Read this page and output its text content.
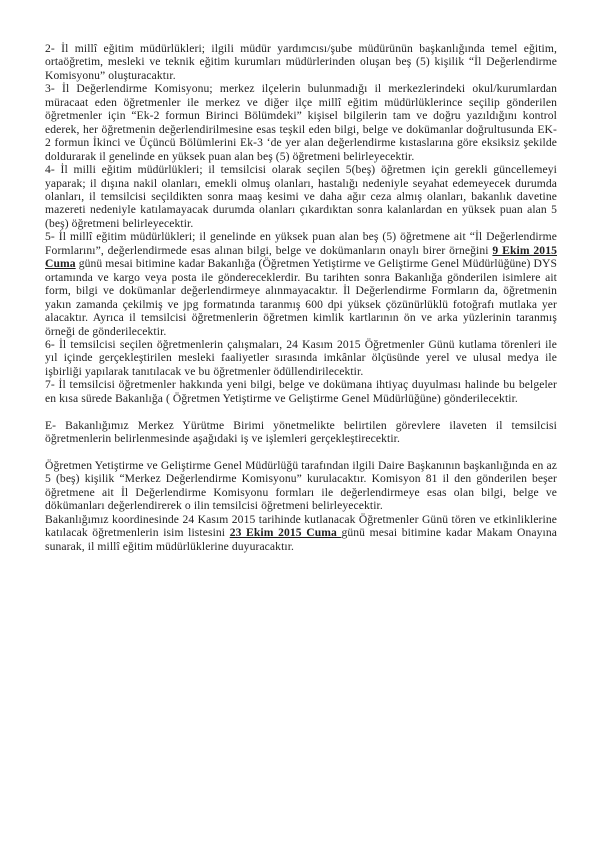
2- İl millî eğitim müdürlükleri; ilgili müdür yardımcısı/şube müdürünün başkanlığında temel eğitim, ortaöğretim, mesleki ve teknik eğitim kurumları müdürlerinden oluşan beş (5) kişilik “İl Değerlendirme Komisyonu” oluşturacaktır.

3- İl Değerlendirme Komisyonu; merkez ilçelerin bulunmadığı il merkezlerindeki okul/kurumlardan müracaat eden öğretmenler ile merkez ve diğer ilçe millî eğitim müdürlüklerince seçilip gönderilen öğretmenler için “Ek-2 formun Birinci Bölümdeki” kişisel bilgilerin tam ve doğru yazıldığını kontrol ederek, her öğretmenin değerlendirilmesine esas teşkil eden bilgi, belge ve dokümanlar doğrultusunda EK-2 formun İkinci ve Üçüncü Bölümlerini Ek-3 ‘de yer alan değerlendirme kıstaslarına göre eksiksiz şekilde doldurarak il genelinde en yüksek puan alan beş (5) öğretmeni belirleyecektir.

4- İl milli eğitim müdürlükleri; il temsilcisi olarak seçilen 5(beş) öğretmen için gerekli güncellemeyi yaparak; il dışına nakil olanları, emekli olmuş olanları, hastalığı nedeniyle seyahat edemeyecek durumda olanları, il temsilcisi seçildikten sonra maaş kesimi ve daha ağır ceza almış olanları, bakanlık davetine mazereti nedeniyle katılamayacak durumda olanları çıkardıktan sonra kalanlardan en yüksek puan alan 5 (beş) öğretmeni belirleyecektir.

5- İl millî eğitim müdürlükleri; il genelinde en yüksek puan alan beş (5) öğretmene ait “İl Değerlendirme Formlarını”, değerlendirmede esas alınan bilgi, belge ve dokümanların onaylı birer örneğini 9 Ekim 2015 Cuma günü mesai bitimine kadar Bakanlığa (Öğretmen Yetiştirme ve Geliştirme Genel Müdürlüğüne) DYS ortamında ve kargo veya posta ile göndereceklerdir. Bu tarihten sonra Bakanlığa gönderilen isimlere ait form, bilgi ve dokümanlar değerlendirmeye alınmayacaktır. İl Değerlendirme Formların da, öğretmenin yakın zamanda çekilmiş ve jpg formatında taranmış 600 dpi yüksek çözünürlüklü fotoğrafı mutlaka yer alacaktır. Ayrıca il temsilcisi öğretmenlerin öğretmen kimlik kartlarının ön ve arka yüzlerinin taranmış örneği de gönderilecektir.

6- İl temsilcisi seçilen öğretmenlerin çalışmaları, 24 Kasım 2015 Öğretmenler Günü kutlama törenleri ile yıl içinde gerçekleştirilen mesleki faaliyetler sırasında imkânlar ölçüsünde yerel ve ulusal medya ile işbirliği yapılarak tanıtılacak ve bu öğretmenler ödüllendirilecektir.

7- İl temsilcisi öğretmenler hakkında yeni bilgi, belge ve dokümana ihtiyaç duyulması halinde bu belgeler en kısa sürede Bakanlığa ( Öğretmen Yetiştirme ve Geliştirme Genel Müdürlüğüne) gönderilecektir.

E- Bakanlığımız Merkez Yürütme Birimi yönetmelikte belirtilen görevlere ilaveten il temsilcisi öğretmenlerin belirlenmesinde aşağıdaki iş ve işlemleri gerçekleştirecektir.

Öğretmen Yetiştirme ve Geliştirme Genel Müdürlüğü tarafından ilgili Daire Başkanının başkanlığında en az 5 (beş) kişilik “Merkez Değerlendirme Komisyonu” kurulacaktır. Komisyon 81 il den gönderilen beşer öğretmene ait İl Değerlendirme Komisyonu formları ile değerlendirmeye esas olan bilgi, belge ve dökümanları değerlendirerek o ilin temsilcisi öğretmeni belirleyecektir.

Bakanlığımız koordinesinde 24 Kasım 2015 tarihinde kutlanacak Öğretmenler Günü tören ve etkinliklerine katılacak öğretmenlerin isim listesini 23 Ekim 2015 Cuma günü mesai bitimine kadar Makam Onayına sunarak, il millî eğitim müdürlüklerine duyuracaktır.
